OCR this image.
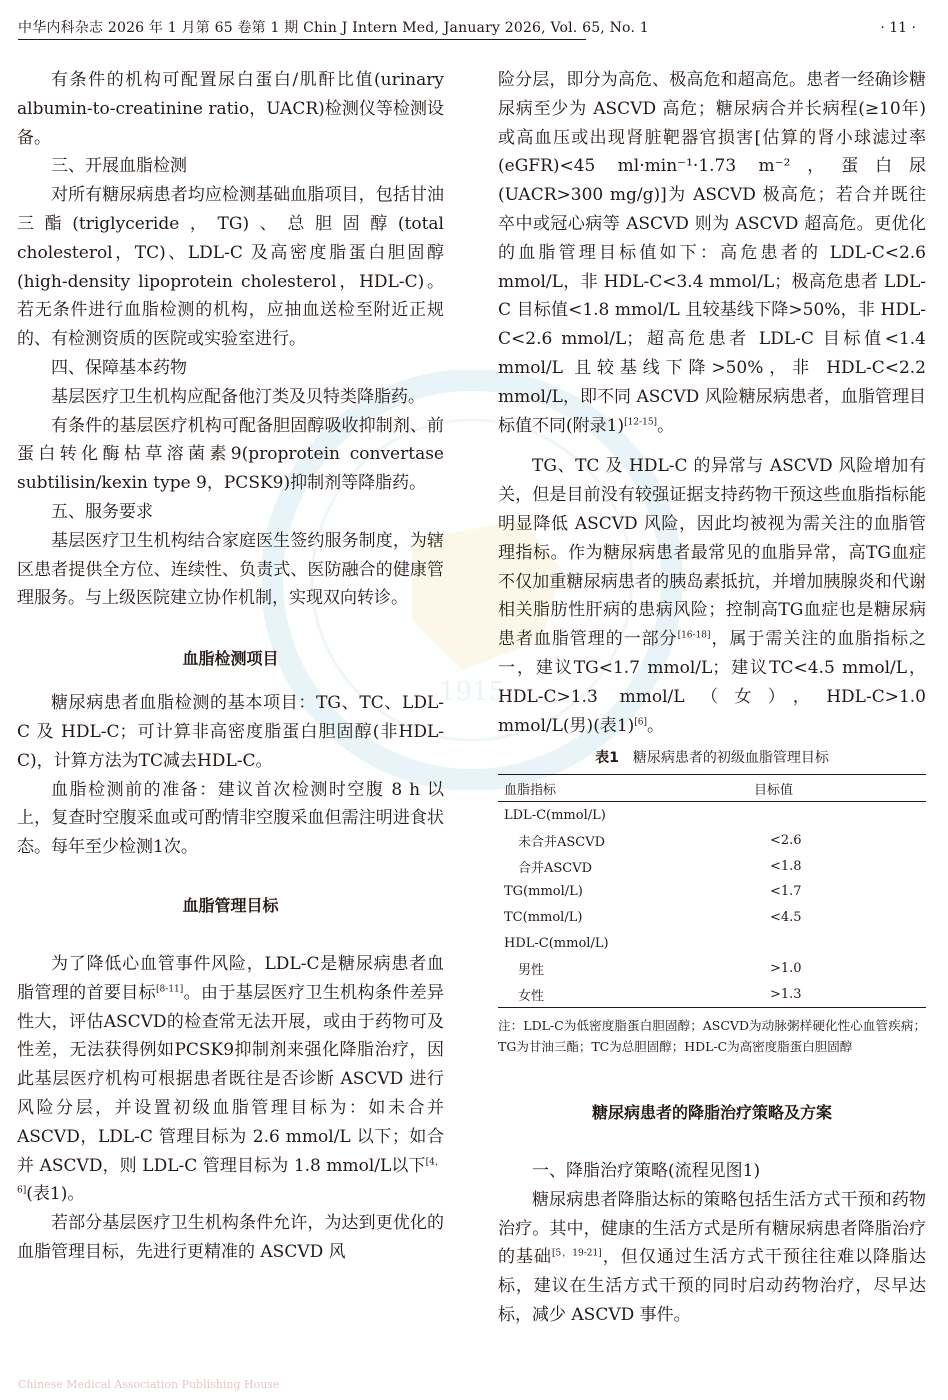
中华内科杂志 2026 年 1 月第 65 卷第 1 期 Chin J Intern Med, January 2026, Vol. 65, No. 1	· 11 ·
1915

有条件的机构可配置尿白蛋白/肌酐比值(urinary albumin-to-creatinine ratio，UACR)检测仪等检测设备。

三、开展血脂检测

对所有糖尿病患者均应检测基础血脂项目，包括甘油三酯(triglyceride，TG)、总胆固醇(total cholesterol，TC)、LDL-C 及高密度脂蛋白胆固醇(high-density lipoprotein cholesterol，HDL-C)。若无条件进行血脂检测的机构，应抽血送检至附近正规的、有检测资质的医院或实验室进行。

四、保障基本药物

基层医疗卫生机构应配备他汀类及贝特类降脂药。

有条件的基层医疗机构可配备胆固醇吸收抑制剂、前蛋白转化酶枯草溶菌素9(proprotein convertase subtilisin/kexin type 9，PCSK9)抑制剂等降脂药。

五、服务要求

基层医疗卫生机构结合家庭医生签约服务制度，为辖区患者提供全方位、连续性、负责式、医防融合的健康管理服务。与上级医院建立协作机制，实现双向转诊。

血脂检测项目

糖尿病患者血脂检测的基本项目：TG、TC、LDL-C 及 HDL-C；可计算非高密度脂蛋白胆固醇(非HDL-C)，计算方法为TC减去HDL-C。

血脂检测前的准备：建议首次检测时空腹 8 h 以上，复查时空腹采血或可酌情非空腹采血但需注明进食状态。每年至少检测1次。

血脂管理目标

为了降低心血管事件风险，LDL-C是糖尿病患者血脂管理的首要目标[8-11]。由于基层医疗卫生机构条件差异性大，评估ASCVD的检查常无法开展，或由于药物可及性差，无法获得例如PCSK9抑制剂来强化降脂治疗，因此基层医疗机构可根据患者既往是否诊断 ASCVD 进行风险分层，并设置初级血脂管理目标为：如未合并 ASCVD，LDL-C 管理目标为 2.6 mmol/L 以下；如合并 ASCVD，则 LDL-C 管理目标为 1.8 mmol/L以下[4，6](表1)。

若部分基层医疗卫生机构条件允许，为达到更优化的血脂管理目标，先进行更精准的 ASCVD 风

险分层，即分为高危、极高危和超高危。患者一经确诊糖尿病至少为 ASCVD 高危；糖尿病合并长病程(≥10年)或高血压或出现肾脏靶器官损害[估算的肾小球滤过率(eGFR)<45 ml·min⁻¹·1.73 m⁻²，蛋白尿(UACR>300 mg/g)]为 ASCVD 极高危；若合并既往卒中或冠心病等 ASCVD 则为 ASCVD 超高危。更优化的血脂管理目标值如下：高危患者的 LDL-C<2.6 mmol/L，非 HDL-C<3.4 mmol/L；极高危患者 LDL-C 目标值<1.8 mmol/L 且较基线下降>50%，非 HDL-C<2.6 mmol/L；超高危患者 LDL-C 目标值<1.4 mmol/L 且较基线下降>50%，非 HDL-C<2.2 mmol/L，即不同 ASCVD 风险糖尿病患者，血脂管理目标值不同(附录1)[12-15]。

TG、TC 及 HDL-C 的异常与 ASCVD 风险增加有关，但是目前没有较强证据支持药物干预这些血脂指标能明显降低 ASCVD 风险，因此均被视为需关注的血脂管理指标。作为糖尿病患者最常见的血脂异常，高TG血症不仅加重糖尿病患者的胰岛素抵抗，并增加胰腺炎和代谢相关脂肪性肝病的患病风险；控制高TG血症也是糖尿病患者血脂管理的一部分[16-18]，属于需关注的血脂指标之一，建议TG<1.7 mmol/L；建议TC<4.5 mmol/L，HDL-C>1.3 mmol/L（女），HDL-C>1.0 mmol/L(男)(表1)[6]。

表1 糖尿病患者的初级血脂管理目标
血脂指标	目标值
LDL-C(mmol/L)	
未合并ASCVD	<2.6
合并ASCVD	<1.8
TG(mmol/L)	<1.7
TC(mmol/L)	<4.5
HDL-C(mmol/L)	
男性	>1.0
女性	>1.3
注：LDL-C为低密度脂蛋白胆固醇；ASCVD为动脉粥样硬化性心血管疾病；TG为甘油三酯；TC为总胆固醇；HDL-C为高密度脂蛋白胆固醇

糖尿病患者的降脂治疗策略及方案

一、降脂治疗策略(流程见图1)

糖尿病患者降脂达标的策略包括生活方式干预和药物治疗。其中，健康的生活方式是所有糖尿病患者降脂治疗的基础[5，19-21]，但仅通过生活方式干预往往难以降脂达标，建议在生活方式干预的同时启动药物治疗，尽早达标，减少 ASCVD 事件。

Chinese Medical Association Publishing House
